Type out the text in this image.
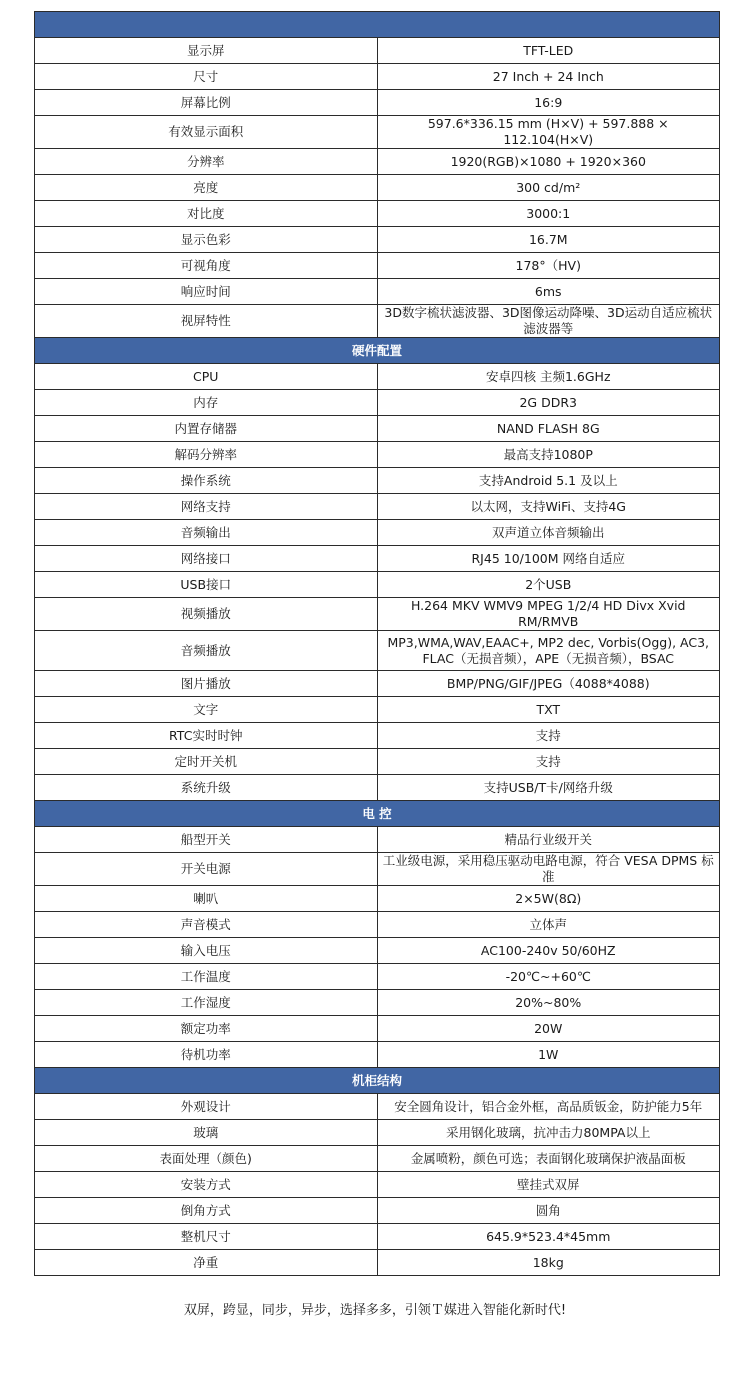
显示屏	TFT-LED
尺寸	27 Inch + 24 Inch
屏幕比例	16:9
有效显示面积	597.6*336.15 mm (H×V) + 597.888 × 112.104(H×V)
分辨率	1920(RGB)×1080 + 1920×360
亮度	300 cd/m²
对比度	3000:1
显示色彩	16.7M
可视角度	178°（HV)
响应时间	6ms
视屏特性	3D数字梳状滤波器、3D图像运动降噪、3D运动自适应梳状滤波器等
硬件配置	
CPU	安卓四核 主频1.6GHz
内存	2G DDR3
内置存储器	NAND FLASH 8G
解码分辨率	最高支持1080P
操作系统	支持Android 5.1 及以上
网络支持	以太网，支持WiFi、支持4G
音频输出	双声道立体音频输出
网络接口	RJ45 10/100M 网络自适应
USB接口	2个USB
视频播放	H.264 MKV WMV9 MPEG 1/2/4 HD Divx Xvid RM/RMVB
音频播放	MP3,WMA,WAV,EAAC+, MP2 dec, Vorbis(Ogg), AC3, FLAC（无损音频），APE（无损音频），BSAC
图片播放	BMP/PNG/GIF/JPEG（4088*4088)
文字	TXT
RTC实时时钟	支持
定时开关机	支持
系统升级	支持USB/T卡/网络升级
电 控	
船型开关	精品行业级开关
开关电源	工业级电源，采用稳压驱动电路电源，符合 VESA DPMS 标准
喇叭	2×5W(8Ω)
声音模式	立体声
输入电压	AC100-240v 50/60HZ
工作温度	-20℃~+60℃
工作湿度	20%~80%
额定功率	20W
待机功率	1W
机柜结构	
外观设计	安全圆角设计，铝合金外框，高品质钣金，防护能力5年
玻璃	采用钢化玻璃，抗冲击力80MPA以上
表面处理（颜色)	金属喷粉，颜色可选；表面钢化玻璃保护液晶面板
安装方式	壁挂式双屏
倒角方式	圆角
整机尺寸	645.9*523.4*45mm
净重	18kg
双屏，跨显，同步，异步，选择多多，引领Ｔ媒进入智能化新时代!
